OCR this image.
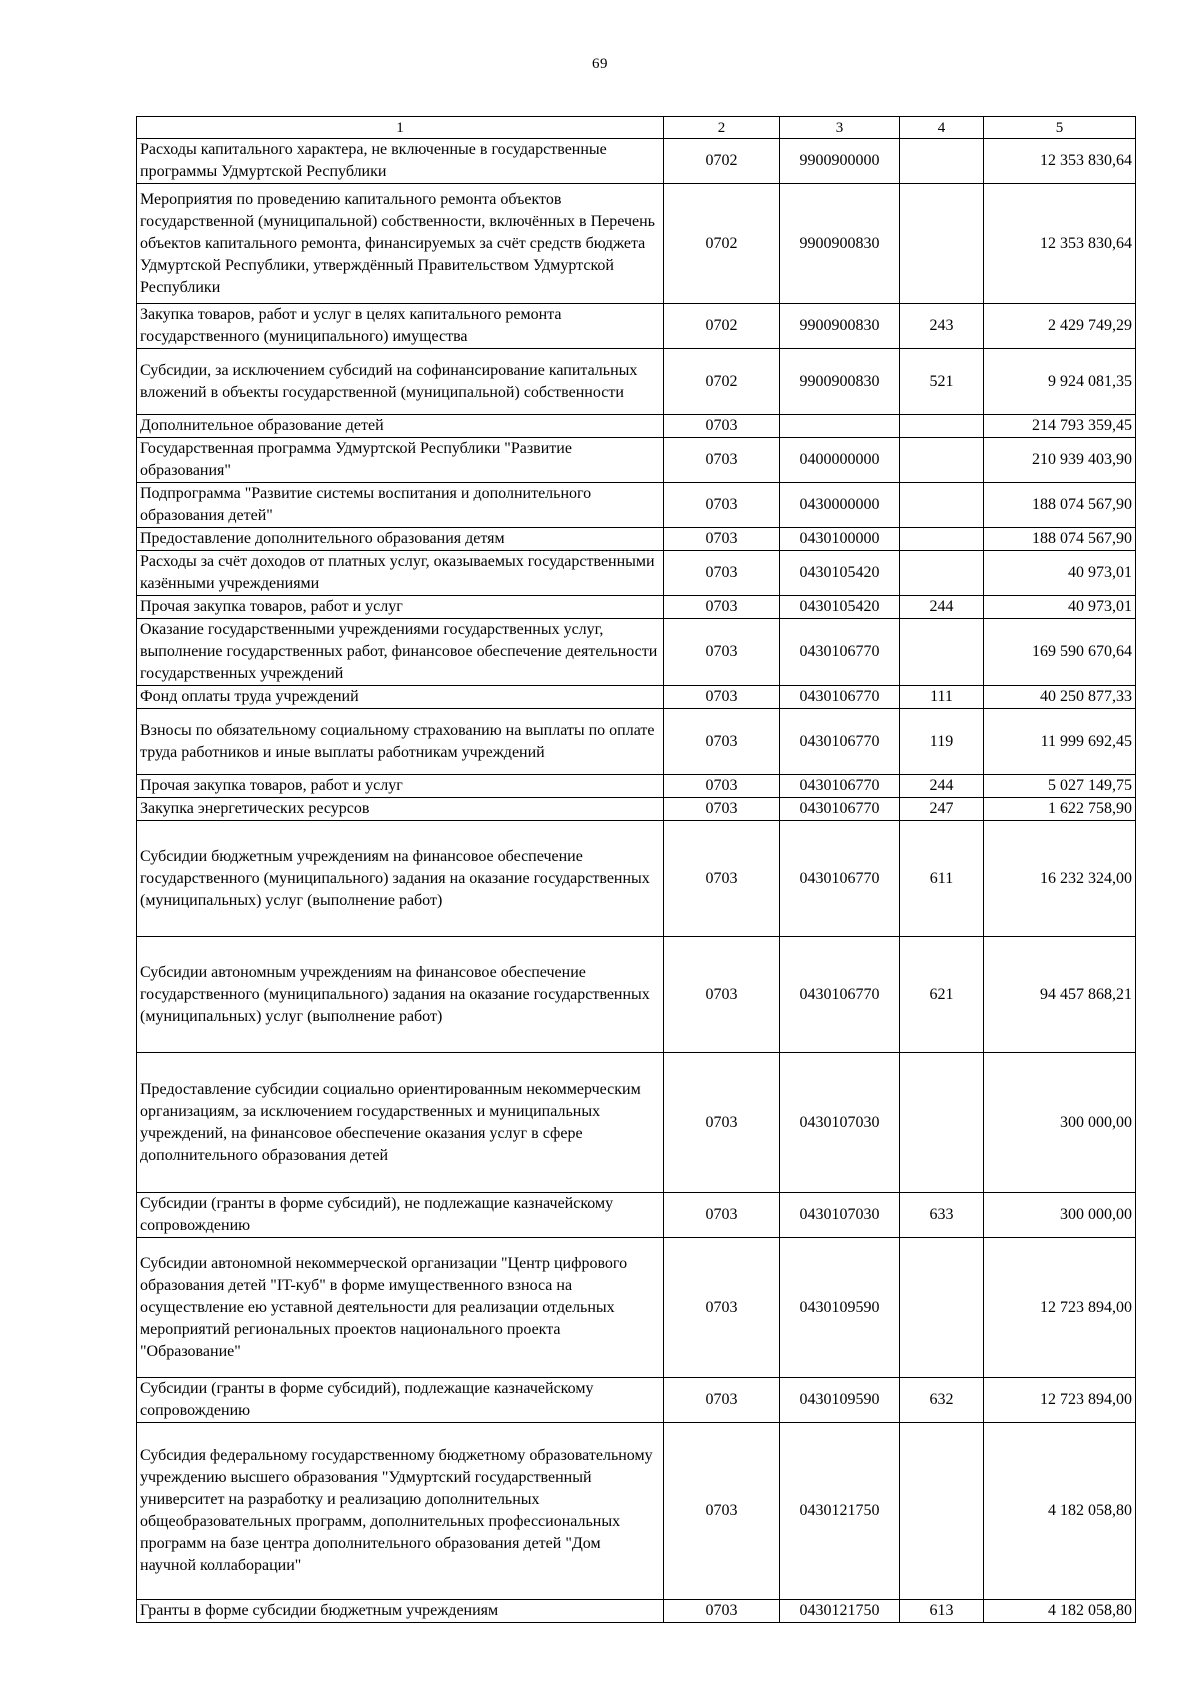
69
1	2	3	4	5
Расходы капитального характера, не включенные в государственные программы Удмуртской Республики	0702	9900900000		12 353 830,64
Мероприятия по проведению капитального ремонта объектов государственной (муниципальной) собственности, включённых в Перечень объектов капитального ремонта, финансируемых за счёт средств бюджета Удмуртской Республики, утверждённый Правительством Удмуртской Республики	0702	9900900830		12 353 830,64
Закупка товаров, работ и услуг в целях капитального ремонта государственного (муниципального) имущества	0702	9900900830	243	2 429 749,29
Субсидии, за исключением субсидий на софинансирование капитальных вложений в объекты государственной (муниципальной) собственности	0702	9900900830	521	9 924 081,35
Дополнительное образование детей	0703			214 793 359,45
Государственная программа Удмуртской Республики "Развитие образования"	0703	0400000000		210 939 403,90
Подпрограмма "Развитие системы воспитания и дополнительного образования детей"	0703	0430000000		188 074 567,90
Предоставление дополнительного образования детям	0703	0430100000		188 074 567,90
Расходы за счёт доходов от платных услуг, оказываемых государственными казёнными учреждениями	0703	0430105420		40 973,01
Прочая закупка товаров, работ и услуг	0703	0430105420	244	40 973,01
Оказание государственными учреждениями государственных услуг, выполнение государственных работ, финансовое обеспечение деятельности государственных учреждений	0703	0430106770		169 590 670,64
Фонд оплаты труда учреждений	0703	0430106770	111	40 250 877,33
Взносы по обязательному социальному страхованию на выплаты по оплате труда работников и иные выплаты работникам учреждений	0703	0430106770	119	11 999 692,45
Прочая закупка товаров, работ и услуг	0703	0430106770	244	5 027 149,75
Закупка энергетических ресурсов	0703	0430106770	247	1 622 758,90
Субсидии бюджетным учреждениям на финансовое обеспечение государственного (муниципального) задания на оказание государственных (муниципальных) услуг (выполнение работ)	0703	0430106770	611	16 232 324,00
Субсидии автономным учреждениям на финансовое обеспечение государственного (муниципального) задания на оказание государственных (муниципальных) услуг (выполнение работ)	0703	0430106770	621	94 457 868,21
Предоставление субсидии социально ориентированным некоммерческим организациям, за исключением государственных и муниципальных учреждений, на финансовое обеспечение оказания услуг в сфере дополнительного образования детей	0703	0430107030		300 000,00
Субсидии (гранты в форме субсидий), не подлежащие казначейскому сопровождению	0703	0430107030	633	300 000,00
Субсидии автономной некоммерческой организации "Центр цифрового образования детей "IT-куб" в форме имущественного взноса на осуществление ею уставной деятельности для реализации отдельных мероприятий региональных проектов национального проекта "Образование"	0703	0430109590		12 723 894,00
Субсидии (гранты в форме субсидий), подлежащие казначейскому сопровождению	0703	0430109590	632	12 723 894,00
Субсидия федеральному государственному бюджетному образовательному учреждению высшего образования "Удмуртский государственный университет на разработку и реализацию дополнительных общеобразовательных программ, дополнительных профессиональных программ на базе центра дополнительного образования детей "Дом научной коллаборации"	0703	0430121750		4 182 058,80
Гранты в форме субсидии бюджетным учреждениям	0703	0430121750	613	4 182 058,80
